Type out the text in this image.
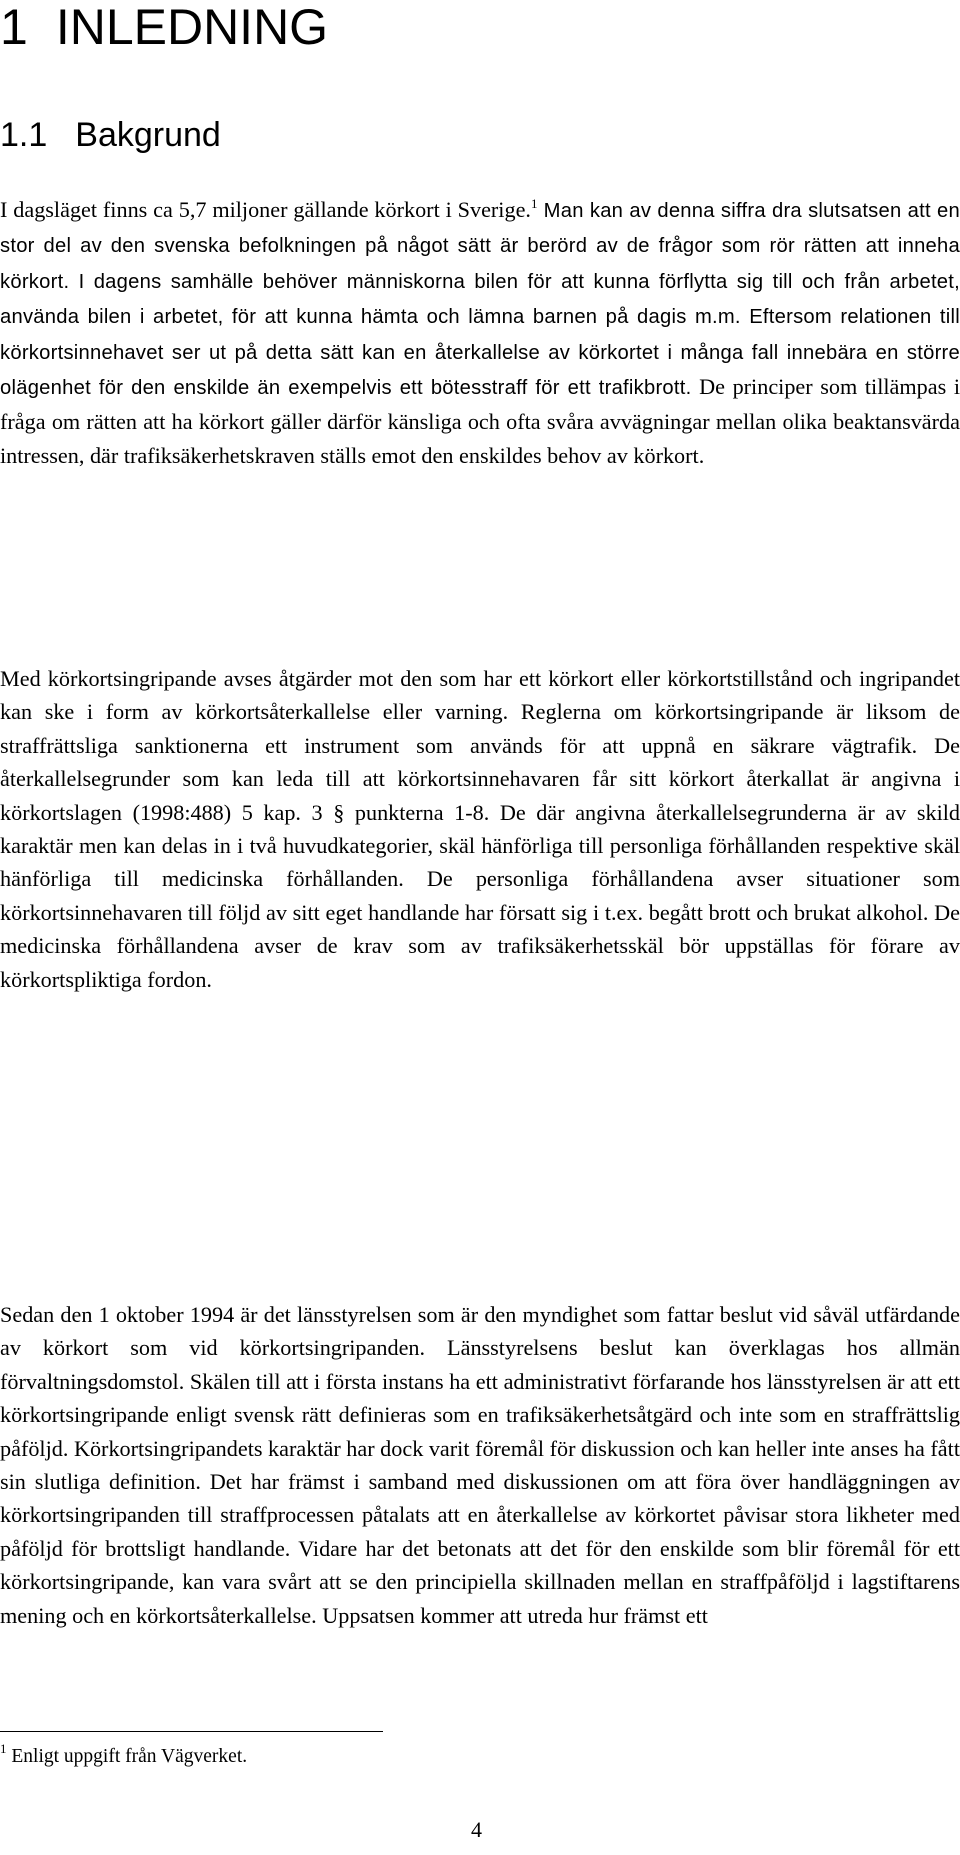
1 INLEDNING
1.1 Bakgrund

I dagsläget finns ca 5,7 miljoner gällande körkort i Sverige.$^1$ Man kan av denna siffra dra slutsatsen att en stor del av den svenska befolkningen på något sätt är berörd av de frågor som rör rätten att inneha körkort. I dagens samhälle behöver människorna bilen för att kunna förflytta sig till och från arbetet, använda bilen i arbetet, för att kunna hämta och lämna barnen på dagis m.m. Eftersom relationen till körkortsinnehavet ser ut på detta sätt kan en återkallelse av körkortet i många fall innebära en större olägenhet för den enskilde än exempelvis ett bötesstraff för ett trafikbrott. De principer som tillämpas i fråga om rätten att ha körkort gäller därför känsliga och ofta svåra avvägningar mellan olika beaktansvärda intressen, där trafiksäkerhetskraven ställs emot den enskildes behov av körkort.

Med körkortsingripande avses åtgärder mot den som har ett körkort eller körkortstillstånd och ingripandet kan ske i form av körkortsåterkallelse eller varning. Reglerna om körkortsingripande är liksom de straffrättsliga sanktionerna ett instrument som används för att uppnå en säkrare vägtrafik. De återkallelsegrunder som kan leda till att körkortsinnehavaren får sitt körkort återkallat är angivna i körkortslagen (1998:488) 5 kap. 3 § punkterna 1-8. De där angivna återkallelsegrunderna är av skild karaktär men kan delas in i två huvudkategorier, skäl hänförliga till personliga förhållanden respektive skäl hänförliga till medicinska förhållanden. De personliga förhållandena avser situationer som körkortsinnehavaren till följd av sitt eget handlande har försatt sig i t.ex. begått brott och brukat alkohol. De medicinska förhållandena avser de krav som av trafiksäkerhetsskäl bör uppställas för förare av körkortspliktiga fordon.

Sedan den 1 oktober 1994 är det länsstyrelsen som är den myndighet som fattar beslut vid såväl utfärdande av körkort som vid körkortsingripanden. Länsstyrelsens beslut kan överklagas hos allmän förvaltningsdomstol. Skälen till att i första instans ha ett administrativt förfarande hos länsstyrelsen är att ett körkortsingripande enligt svensk rätt definieras som en trafiksäkerhetsåtgärd och inte som en straffrättslig påföljd. Körkortsingripandets karaktär har dock varit föremål för diskussion och kan heller inte anses ha fått sin slutliga definition. Det har främst i samband med diskussionen om att föra över handläggningen av körkortsingripanden till straffprocessen påtalats att en återkallelse av körkortet påvisar stora likheter med påföljd för brottsligt handlande. Vidare har det betonats att det för den enskilde som blir föremål för ett körkortsingripande, kan vara svårt att se den principiella skillnaden mellan en straffpåföljd i lagstiftarens mening och en körkortsåterkallelse. Uppsatsen kommer att utreda hur främst ett

$^1$ Enligt uppgift från Vägverket.

4
